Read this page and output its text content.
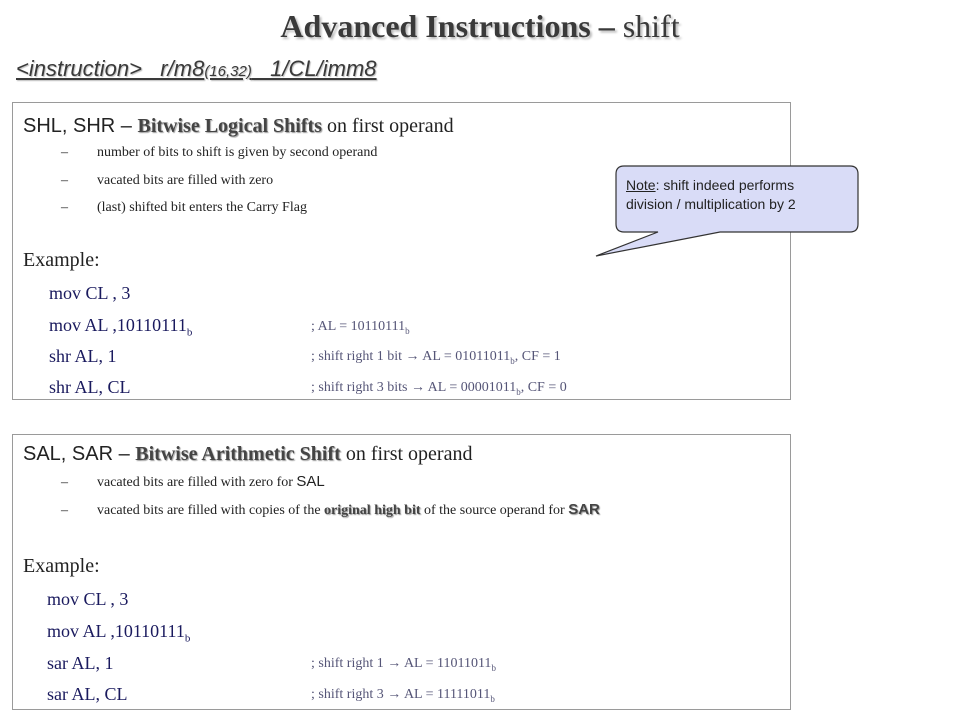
Advanced Instructions – shift
<instruction>   r/m8(16,32)   1/CL/imm8
SHL, SHR – Bitwise Logical Shifts on first operand
– number of bits to shift is given by second operand
– vacated bits are filled with zero
– (last) shifted bit enters the Carry Flag
Example:
mov CL , 3
mov AL $,10110111_b$	; AL = $10110111_b$
shr AL, 1	; shift right 1 bit → AL = $01011011_b$, CF = 1
shr AL, CL	; shift right 3 bits → AL = $00001011_b$, CF = 0
SAL, SAR – Bitwise Arithmetic Shift on first operand
– vacated bits are filled with zero for SAL
– vacated bits are filled with copies of the original high bit of the source operand for SAR
Example:
mov CL , 3
mov AL $,10110111_b$
sar AL, 1	; shift right 1 → AL = $11011011_b$
sar AL, CL	; shift right 3 → AL = $11111011_b$
Note: shift indeed performs
division / multiplication by 2
